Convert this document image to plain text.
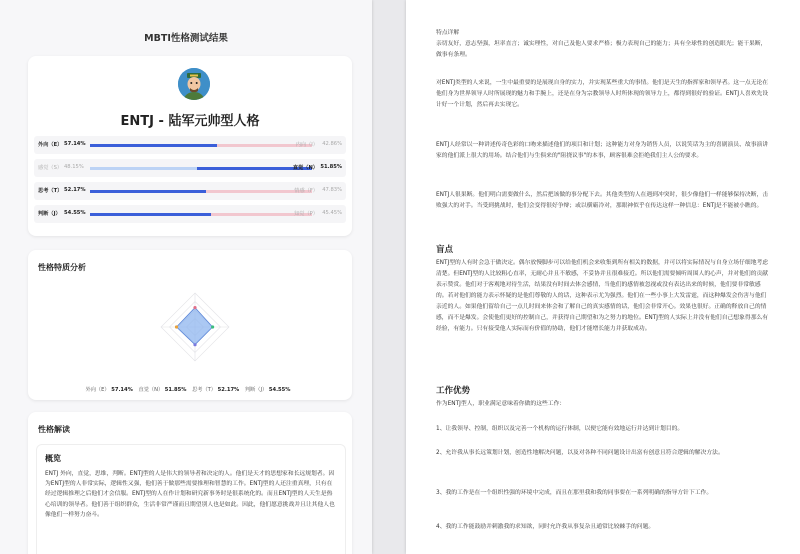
MBTI性格测试结果
ENTJ - 陆军元帅型人格
外向（E） 57.14%	内向（I） 42.86%
感觉（S） 48.15%	直觉（N） 51.85%
思考（T） 52.17%	情感（F） 47.83%
判断（J） 54.55%	知觉（P） 45.45%
性格特质分析
外向（E） 57.14% 直觉（N） 51.85% 思考（T） 52.17% 判断（J） 54.55%
性格解读
概览

ENTJ 外向，直觉，思维，判断。ENTJ型的人是伟大的领导者和决定的人。他们是天才的思想家和长远规划者。因为ENTJ型的人非常实际，逻辑性又强，他们善于做那些需要推理和智慧的工作。ENTJ型的人还注重真理，只有在经过逻辑推理之后他们才会信服。ENTJ型的人在作计划和研究新事务时是很系统化的。而且ENTJ型的人天生是热心培训的领导者。他们善于组织群众，生活非常严谨而且期望别人也是如此。因此，他们愿意挑战并且让其他人也像他们一样努力奋斗。

特点详解
亲切友好，意志坚强，坦率直言；诚实理性，对自己及他人要求严格；极力表现自己的能力；具有全球性的创造眼光；能干果断，做事有条理。

对ENTJ类型的人来说，一生中最重要的是展现自身的实力，并实现某些重大的事情。他们是天生的指挥家和领导者。这一点无论在他们身为世界领导人时所展现的魅力和手腕上，还是在身为宗教领导人时所体现的领导力上，都得到很好的验证。ENTJ人喜欢先设计好一个计划，然后再去实现它。

ENTJ人经常以一种讲述传奇色彩的口吻来描述他们的项目和计划；这种能力对身为销售人员，以说笑话为主的喜剧演员、故事演讲家的他们派上很大的用场。结合他们与生俱来的"阻挠议事"的本事，顾客很难会拒绝我们主人公的要求。

ENTJ人很果断。他们明白需要做什么，然后把该做的事分配下去。其他类型的人在遇到冲突时，很少像他们一样能够保持决断，击败强大的对手。当受到挑战时，他们会变得很好争辩；或以横霸冷对，那眼神似乎在传达这样一种信息：ENTJ是不能被小瞧的。

盲点

ENTJ型的人有时会急于做决定。偶尔放慢脚步可以给他们机会来收集到所有相关的数据，并可以将实际情况与自身立场仔细地考虑清楚。但ENTJ型的人比较粗心直率，无耐心并且不敏感，不妥协并且很难接近。所以他们需要倾听周围人的心声，并对他们的贡献表示赞赏。他们对于客观地对待生活，结果没有时间去体会感情，当他们的感情被忽视或没有表达出来的时候，他们要非常敏感的。若对他们的能力表示怀疑的是他们尊敬的人的话，这种表示尤为强烈。他们在一些小事上大发雷霆，而这种爆发会伤害与他们亲近的人。如果他们留给自己一点儿时间来体会和了解自己的真实感情的话，他们会非常开心。效果也很好。正确的释放自己的情感，而不是爆发。会使他们更好的控制自己，并获得自己期望和为之努力的地位。ENTJ型的人实际上并没有他们自己想象得那么有经验，有能力。只有接受他人实际而有价值的协助，他们才能增长能力并获取成功。

工作优势

作为ENTJ型人，职业满足意味着你做的这些工作：

1、让我领导、控制，组织以及完善一个机构的运行体制，以便它能有效地运行并达到计划目的。

2、允许我从事长远策划计划，创造性地解决问题，以及对各种不同问题设计出富有创意且符合逻辑的解决方法。

3、我的工作是在一个组织性强的环境中完成，而且在那里我和我的同事要在一系列明确的指导方针下工作。

4、我的工作能鼓励并刺激我的求知欲，同时允许我从事复杂且通常比较棘手的问题。
